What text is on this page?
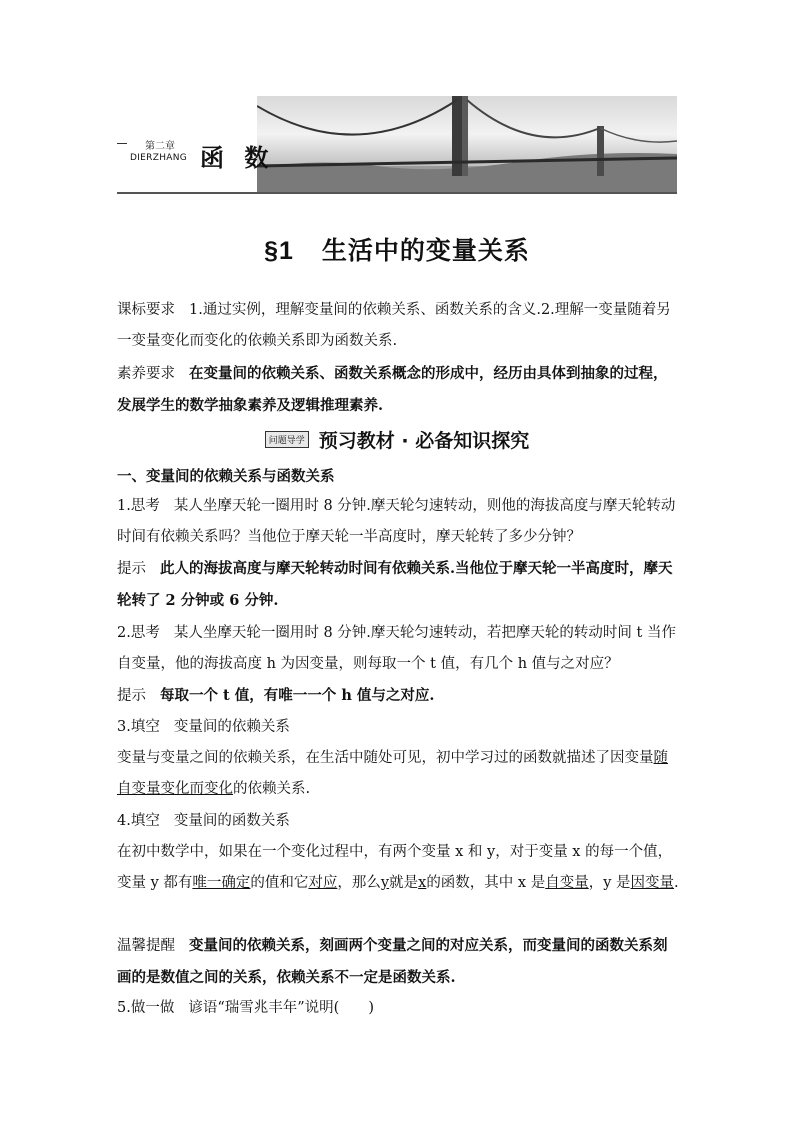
第二章
DIERZHANG 函 数
§1 生活中的变量关系
课标要求 1.通过实例，理解变量间的依赖关系、函数关系的含义.2.理解一变量随着另一变量变化而变化的依赖关系即为函数关系.
素养要求 在变量间的依赖关系、函数关系概念的形成中，经历由具体到抽象的过程，发展学生的数学抽象素养及逻辑推理素养.
问题导学 预习教材 · 必备知识探究
一、变量间的依赖关系与函数关系
1.思考 某人坐摩天轮一圈用时 8 分钟.摩天轮匀速转动，则他的海拔高度与摩天轮转动时间有依赖关系吗？当他位于摩天轮一半高度时，摩天轮转了多少分钟？
提示 此人的海拔高度与摩天轮转动时间有依赖关系.当他位于摩天轮一半高度时，摩天轮转了 2 分钟或 6 分钟.
2.思考 某人坐摩天轮一圈用时 8 分钟.摩天轮匀速转动，若把摩天轮的转动时间 t 当作自变量，他的海拔高度 h 为因变量，则每取一个 t 值，有几个 h 值与之对应？
提示 每取一个 t 值，有唯一一个 h 值与之对应.
3.填空 变量间的依赖关系
变量与变量之间的依赖关系，在生活中随处可见，初中学习过的函数就描述了因变量随自变量变化而变化的依赖关系.
4.填空 变量间的函数关系
在初中数学中，如果在一个变化过程中，有两个变量 x 和 y，对于变量 x 的每一个值，变量 y 都有唯一确定的值和它对应，那么y就是x的函数，其中 x 是自变量，y 是因变量.
温馨提醒 变量间的依赖关系，刻画两个变量之间的对应关系，而变量间的函数关系刻画的是数值之间的关系，依赖关系不一定是函数关系.
5.做一做 谚语“瑞雪兆丰年”说明(　　)
